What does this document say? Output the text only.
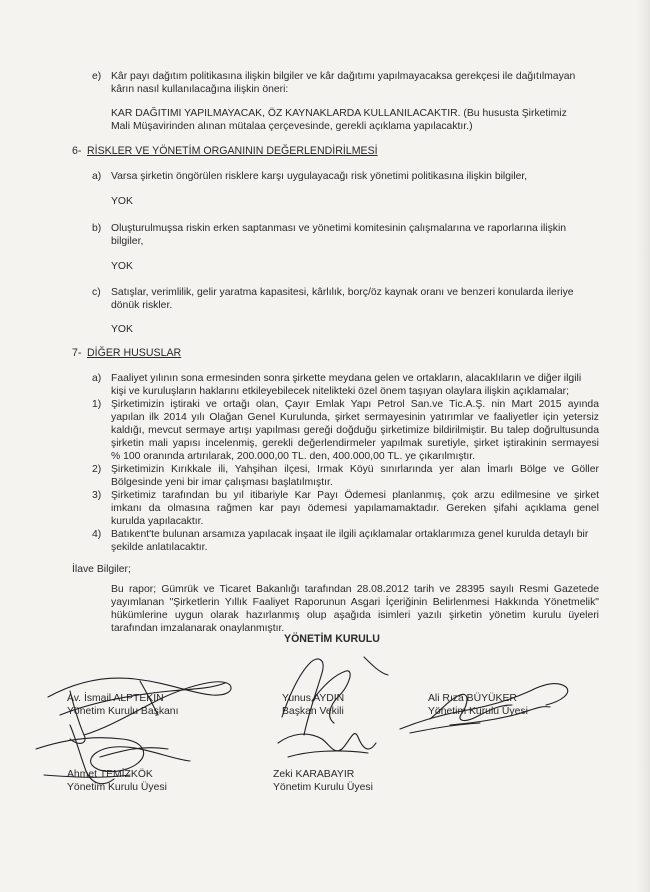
e) Kâr payı dağıtım politikasına ilişkin bilgiler ve kâr dağıtımı yapılmayacaksa gerekçesi ile dağıtılmayan
kârın nasıl kullanılacağına ilişkin öneri:
KAR DAĞITIMI YAPILMAYACAK, ÖZ KAYNAKLARDA KULLANILACAKTIR. (Bu hususta Şirketimiz
Mali Müşavirinden alınan mütalaa çerçevesinde, gerekli açıklama yapılacaktır.)
6- RİSKLER VE YÖNETİM ORGANININ DEĞERLENDİRİLMESİ
a) Varsa şirketin öngörülen risklere karşı uygulayacağı risk yönetimi politikasına ilişkin bilgiler,
YOK
b) Oluşturulmuşsa riskin erken saptanması ve yönetimi komitesinin çalışmalarına ve raporlarına ilişkin
bilgiler,
YOK
c) Satışlar, verimlilik, gelir yaratma kapasitesi, kârlılık, borç/öz kaynak oranı ve benzeri konularda ileriye
dönük riskler.
YOK
7- DİĞER HUSUSLAR
a) Faaliyet yılının sona ermesinden sonra şirkette meydana gelen ve ortakların, alacaklıların ve diğer ilgili
kişi ve kuruluşların haklarını etkileyebilecek nitelikteki özel önem taşıyan olaylara ilişkin açıklamalar;
1) Şirketimizin iştiraki ve ortağı olan, Çayır Emlak Yapı Petrol San.ve Tic.A.Ş. nin Mart 2015 ayında
yapılan ilk 2014 yılı Olağan Genel Kurulunda, şirket sermayesinin yatırımlar ve faaliyetler için yetersiz
kaldığı, mevcut sermaye artışı yapılması gereği doğduğu şirketimize bildirilmiştir. Bu talep doğrultusunda
şirketin mali yapısı incelenmiş, gerekli değerlendirmeler yapılmak suretiyle, şirket iştirakinin sermayesi
% 100 oranında artırılarak, 200.000,00 TL. den, 400.000,00 TL. ye çıkarılmıştır.
2) Şirketimizin Kırıkkale ili, Yahşihan ilçesi, Irmak Köyü sınırlarında yer alan İmarlı Bölge ve Göller
Bölgesinde yeni bir imar çalışması başlatılmıştır.
3) Şirketimiz tarafından bu yıl itibariyle Kar Payı Ödemesi planlanmış, çok arzu edilmesine ve şirket
imkanı da olmasına rağmen kar payı ödemesi yapılamamaktadır. Gereken şifahi açıklama genel
kurulda yapılacaktır.
4) Batıkent'te bulunan arsamıza yapılacak inşaat ile ilgili açıklamalar ortaklarımıza genel kurulda detaylı bir
şekilde anlatılacaktır.
İlave Bilgiler;
Bu rapor; Gümrük ve Ticaret Bakanlığı tarafından 28.08.2012 tarih ve 28395 sayılı Resmi Gazetede
yayımlanan "Şirketlerin Yıllık Faaliyet Raporunun Asgari İçeriğinin Belirlenmesi Hakkında Yönetmelik"
hükümlerine uygun olarak hazırlanmış olup aşağıda isimleri yazılı şirketin yönetim kurulu üyeleri
tarafından imzalanarak onaylanmıştır.
YÖNETİM KURULU
Av. İsmail ALPTEKİN
Yönetim Kurulu Başkanı
Yunus AYDIN
Başkan Vekili
Ali Rıza BÜYÜKER
Yönetim Kurulu Üyesi
Ahmet TEMİZKÖK
Yönetim Kurulu Üyesi
Zeki KARABAYIR
Yönetim Kurulu Üyesi
